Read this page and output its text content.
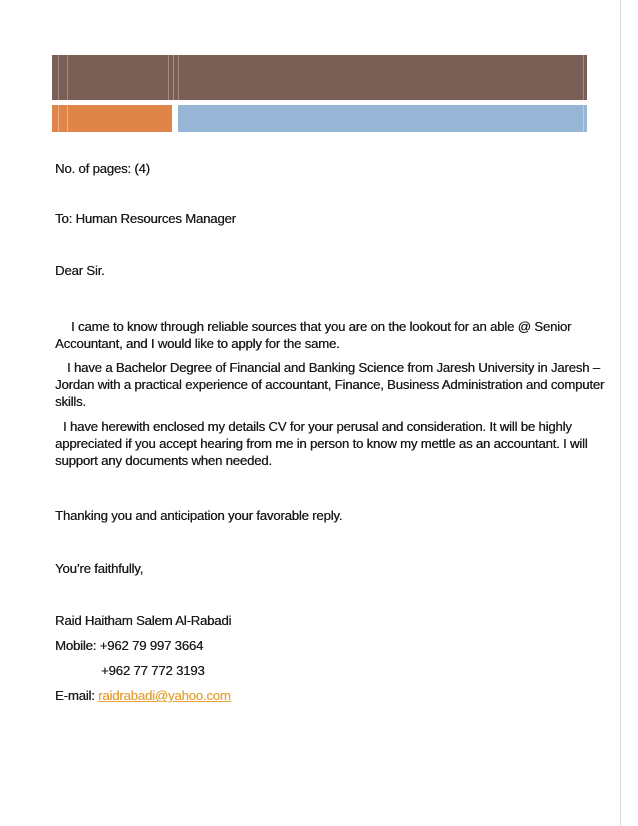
No. of pages: (4)
To: Human Resources Manager
Dear Sir.
I came to know through reliable sources that you are on the lookout for an able @ Senior
Accountant, and I would like to apply for the same.
I have a Bachelor Degree of Financial and Banking Science from Jaresh University in Jaresh –
Jordan with a practical experience of accountant, Finance, Business Administration and computer
skills.
I have herewith enclosed my details CV for your perusal and consideration. It will be highly
appreciated if you accept hearing from me in person to know my mettle as an accountant. I will
support any documents when needed.
Thanking you and anticipation your favorable reply.
You’re faithfully,
Raid Haitham Salem Al-Rabadi
Mobile: +962 79 997 3664
+962 77 772 3193
E-mail: raidrabadi@yahoo.com
